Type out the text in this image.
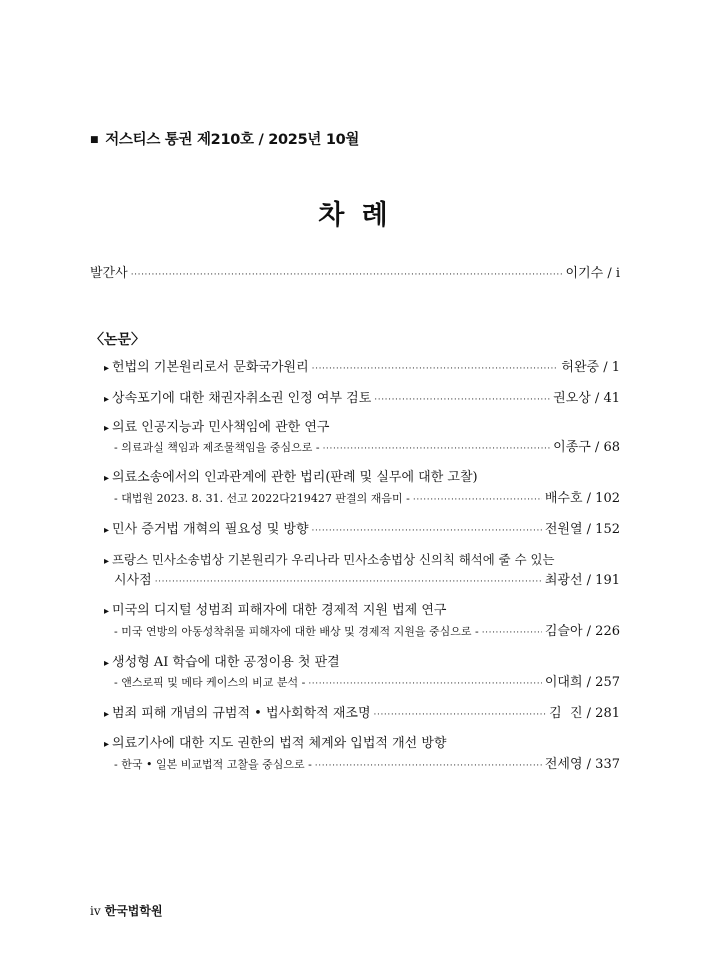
■ 저스티스 통권 제210호 / 2025년 10월
차 례
발간사 ·····	이기수 / i
〈논문〉
▸ 헌법의 기본원리로서 문화국가원리 ·····	허완중 / 1
▸ 상속포기에 대한 채권자취소권 인정 여부 검토 ·····	권오상 / 41
▸ 의료 인공지능과 민사책임에 관한 연구
- 의료과실 책임과 제조물책임을 중심으로 - ·····	이종구 / 68
▸ 의료소송에서의 인과관계에 관한 법리(판례 및 실무에 대한 고찰)
- 대법원 2023. 8. 31. 선고 2022다219427 판결의 재음미 - ·····	배수호 / 102
▸ 민사 증거법 개혁의 필요성 및 방향 ·····	전원열 / 152
▸ 프랑스 민사소송법상 기본원리가 우리나라 민사소송법상 신의칙 해석에 줄 수 있는
시사점 ·····	최광선 / 191
▸ 미국의 디지털 성범죄 피해자에 대한 경제적 지원 법제 연구
- 미국 연방의 아동성착취물 피해자에 대한 배상 및 경제적 지원을 중심으로 - ·····	김슬아 / 226
▸ 생성형 AI 학습에 대한 공정이용 첫 판결
- 앤스로픽 및 메타 케이스의 비교 분석 - ·····	이대희 / 257
▸ 범죄 피해 개념의 규범적 • 법사회학적 재조명 ·····	김  진 / 281
▸ 의료기사에 대한 지도 권한의 법적 체계와 입법적 개선 방향
- 한국 • 일본 비교법적 고찰을 중심으로 - ·····	전세영 / 337
iv 한국법학원
